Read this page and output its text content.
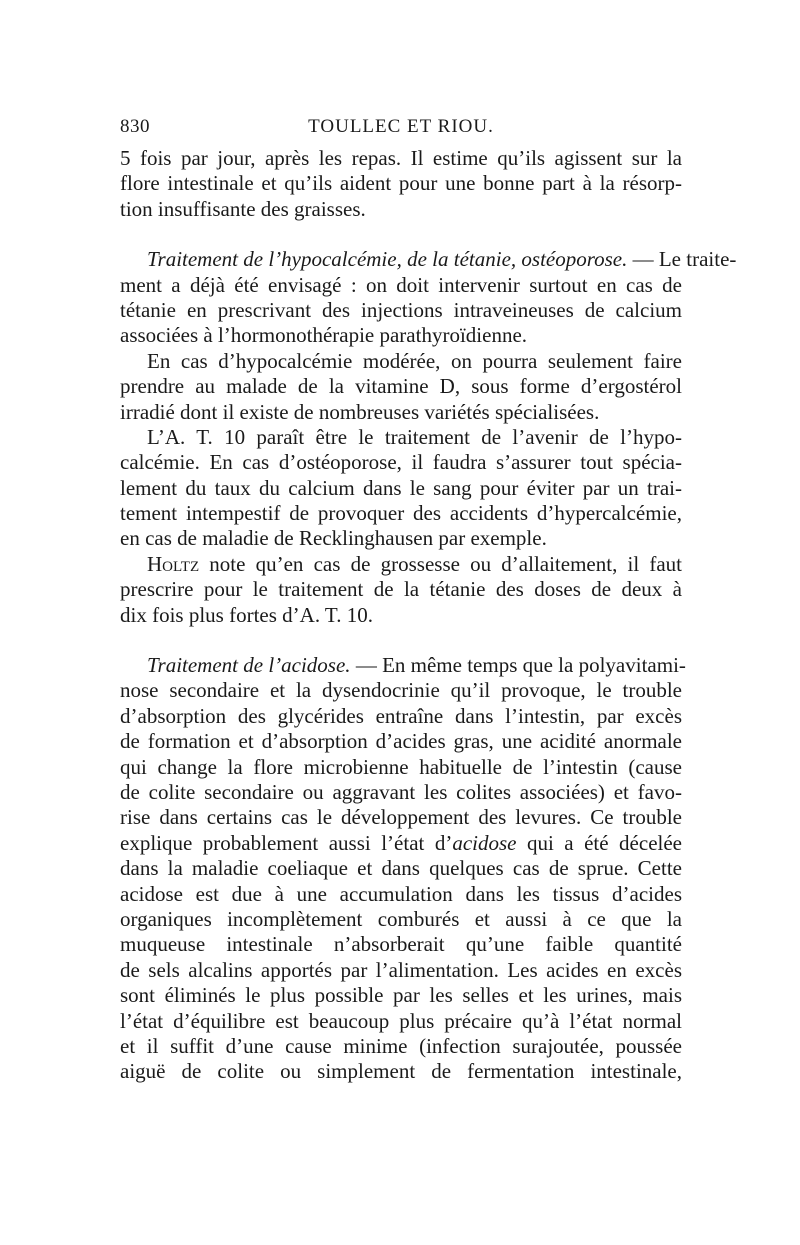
830	TOULLEC ET RIOU.
5 fois par jour, après les repas. Il estime qu’ils agissent sur la
flore intestinale et qu’ils aident pour une bonne part à la résorp-
tion insuffisante des graisses.
Traitement de l’hypocalcémie, de la tétanie, ostéoporose. — Le traite-
ment a déjà été envisagé : on doit intervenir surtout en cas de
tétanie en prescrivant des injections intraveineuses de calcium
associées à l’hormonothérapie parathyroïdienne.
En cas d’hypocalcémie modérée, on pourra seulement faire
prendre au malade de la vitamine D, sous forme d’ergostérol
irradié dont il existe de nombreuses variétés spécialisées.
L’A. T. 10 paraît être le traitement de l’avenir de l’hypo-
calcémie. En cas d’ostéoporose, il faudra s’assurer tout spécia-
lement du taux du calcium dans le sang pour éviter par un trai-
tement intempestif de provoquer des accidents d’hypercalcémie,
en cas de maladie de Recklinghausen par exemple.
Holtz note qu’en cas de grossesse ou d’allaitement, il faut
prescrire pour le traitement de la tétanie des doses de deux à
dix fois plus fortes d’A. T. 10.
Traitement de l’acidose. — En même temps que la polyavitami-
nose secondaire et la dysendocrinie qu’il provoque, le trouble
d’absorption des glycérides entraîne dans l’intestin, par excès
de formation et d’absorption d’acides gras, une acidité anormale
qui change la flore microbienne habituelle de l’intestin (cause
de colite secondaire ou aggravant les colites associées) et favo-
rise dans certains cas le développement des levures. Ce trouble
explique probablement aussi l’état d’acidose qui a été décelée
dans la maladie coeliaque et dans quelques cas de sprue. Cette
acidose est due à une accumulation dans les tissus d’acides
organiques incomplètement comburés et aussi à ce que la
muqueuse intestinale n’absorberait qu’une faible quantité
de sels alcalins apportés par l’alimentation. Les acides en excès
sont éliminés le plus possible par les selles et les urines, mais
l’état d’équilibre est beaucoup plus précaire qu’à l’état normal
et il suffit d’une cause minime (infection surajoutée, poussée
aiguë de colite ou simplement de fermentation intestinale,
